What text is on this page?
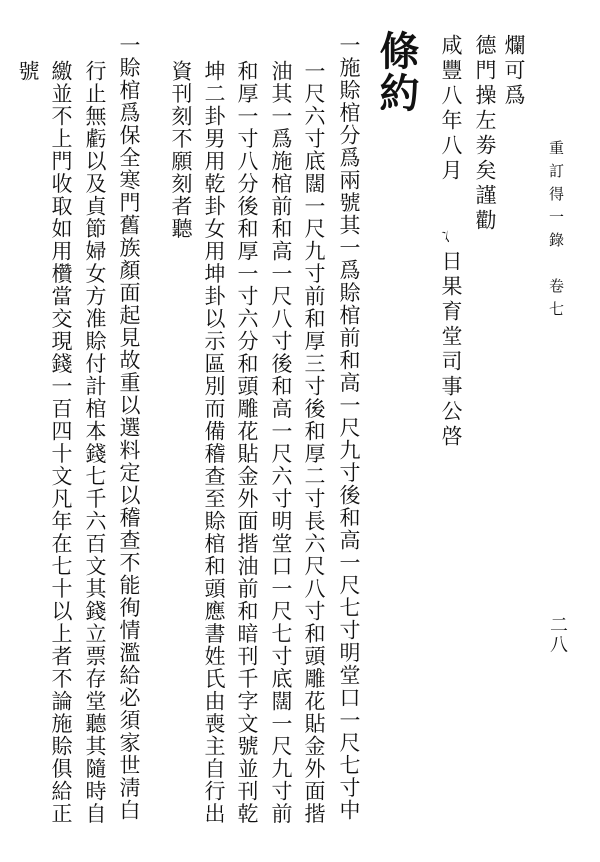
重訂得一錄　卷七
二八
爛可爲
德門操左劵矣謹勸
咸豐八年八月
冫
日果育堂司事公啓
條約
一施賒棺分爲兩號其一爲賒棺前和高一尺九寸後和高一尺七寸明堂口一尺七寸中
一尺六寸底闊一尺九寸前和厚三寸後和厚二寸長六尺八寸和頭雕花貼金外面揩
油其一爲施棺前和高一尺八寸後和高一尺六寸明堂口一尺七寸底闊一尺九寸前
和厚一寸八分後和厚一寸六分和頭雕花貼金外面揩油前和暗刊千字文號並刊乾
坤二卦男用乾卦女用坤卦以示區別而備稽查至賒棺和頭應書姓氏由喪主自行出
資刊刻不願刻者聽
一賒棺爲保全寒門舊族顏面起見故重以選料定以稽查不能徇情濫給必須家世淸白
行止無虧以及貞節婦女方准賒付計棺本錢七千六百文其錢立票存堂聽其隨時自
繳並不上門收取如用欑當交現錢一百四十文凡年在七十以上者不論施賒俱給正
號
